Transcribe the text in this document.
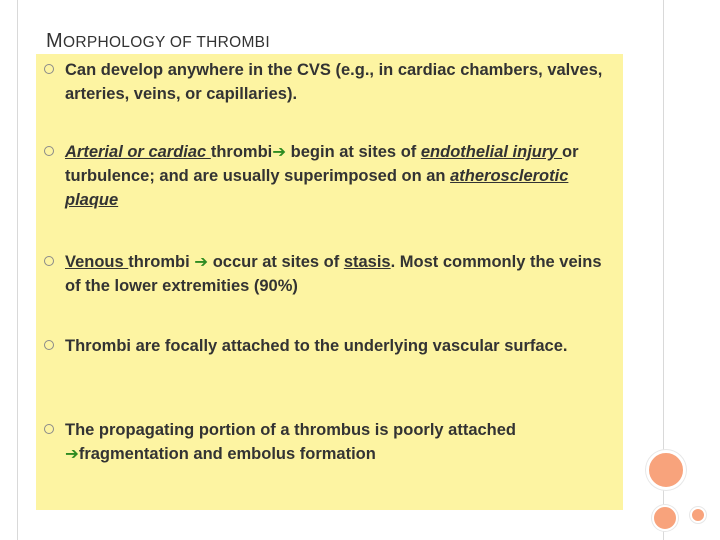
MORPHOLOGY OF THROMBI
Can develop anywhere in the CVS (e.g., in cardiac chambers, valves, arteries, veins, or capillaries).
Arterial or cardiac thrombi➔ begin at sites of endothelial injury or turbulence; and are usually superimposed on an atherosclerotic plaque
Venous thrombi ➔ occur at sites of stasis. Most commonly the veins of the lower extremities (90%)
Thrombi are focally attached to the underlying vascular surface.
The propagating portion of a thrombus is poorly attached ➔fragmentation and embolus formation
